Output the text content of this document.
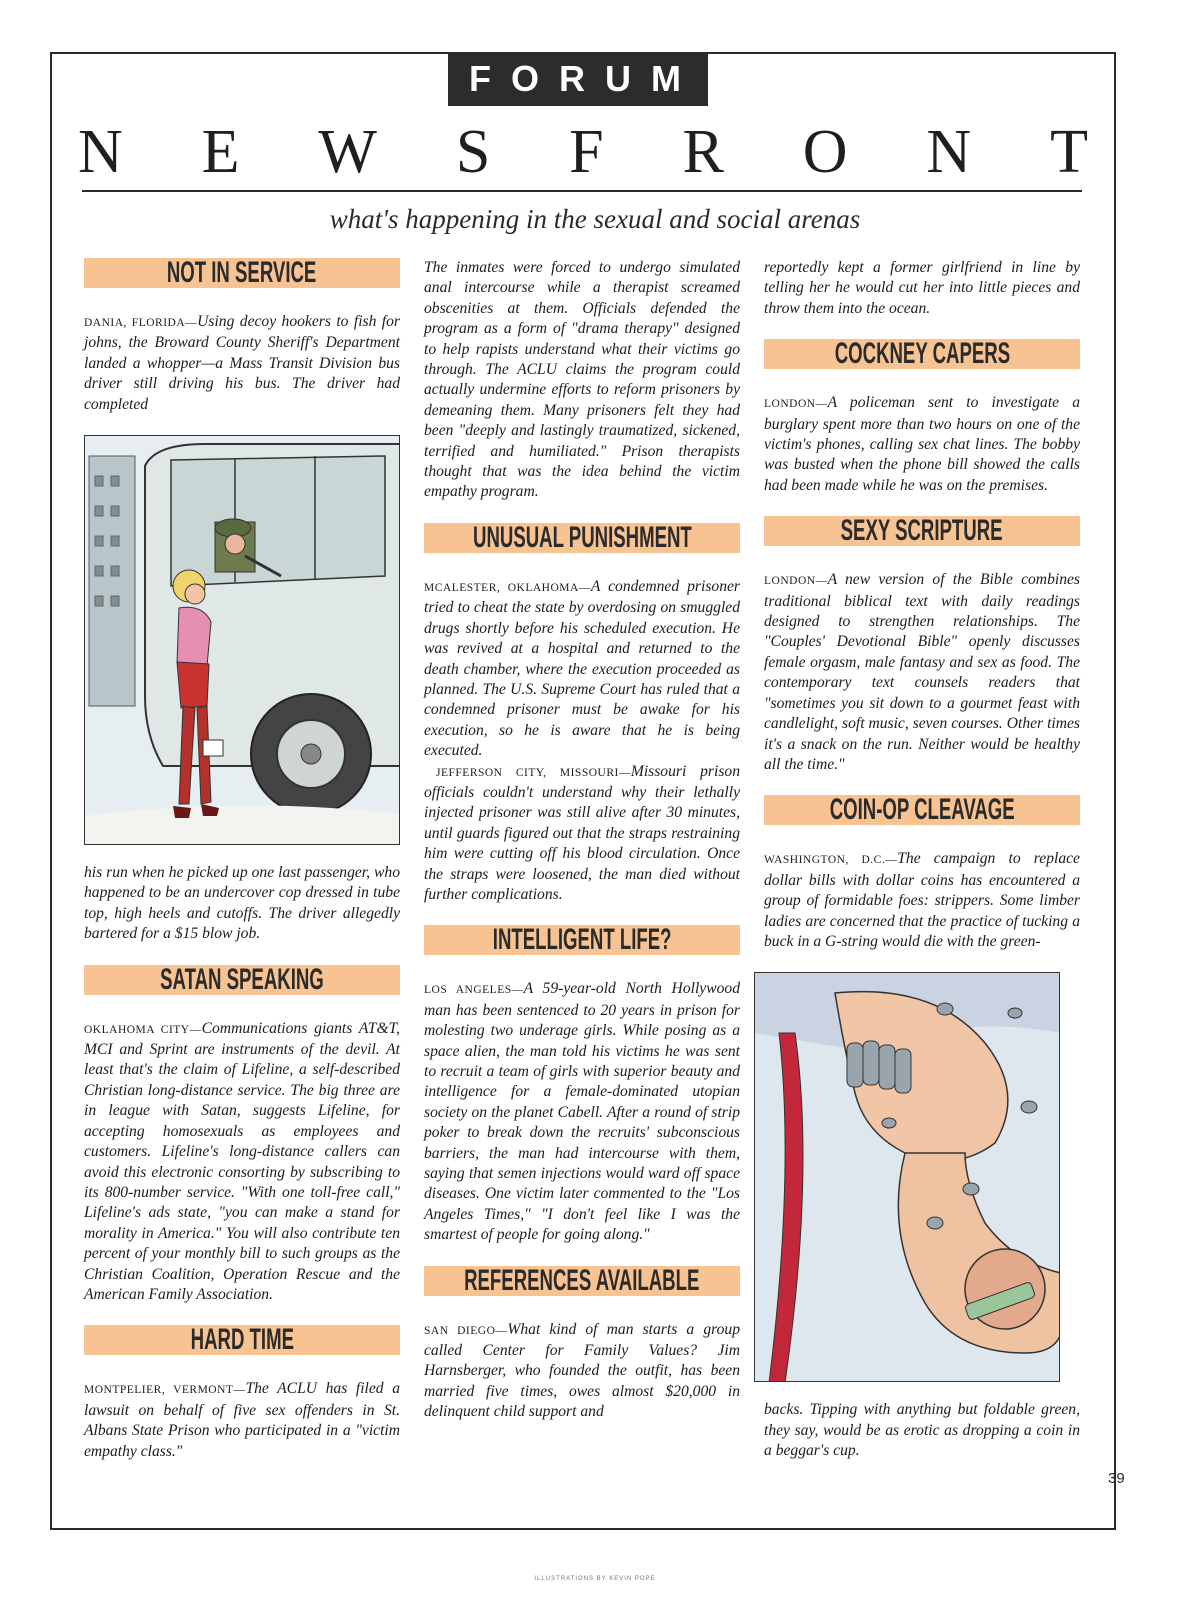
FORUM
N E W S F R O N T
what's happening in the sexual and social arenas
NOT IN SERVICE

DANIA, FLORIDA—Using decoy hookers to fish for johns, the Broward County Sheriff's Department landed a whopper—a Mass Transit Division bus driver still driving his bus. The driver had completed

his run when he picked up one last passenger, who happened to be an undercover cop dressed in tube top, high heels and cutoffs. The driver allegedly bartered for a $15 blow job.

SATAN SPEAKING

OKLAHOMA CITY—Communications giants AT&T, MCI and Sprint are instruments of the devil. At least that's the claim of Lifeline, a self-described Christian long-distance service. The big three are in league with Satan, suggests Lifeline, for accepting homosexuals as employees and customers. Lifeline's long-distance callers can avoid this electronic consorting by subscribing to its 800-number service. "With one toll-free call," Lifeline's ads state, "you can make a stand for morality in America." You will also contribute ten percent of your monthly bill to such groups as the Christian Coalition, Operation Rescue and the American Family Association.

HARD TIME

MONTPELIER, VERMONT—The ACLU has filed a lawsuit on behalf of five sex offenders in St. Albans State Prison who participated in a "victim empathy class."

The inmates were forced to undergo simulated anal intercourse while a therapist screamed obscenities at them. Officials defended the program as a form of "drama therapy" designed to help rapists understand what their victims go through. The ACLU claims the program could actually undermine efforts to reform prisoners by demeaning them. Many prisoners felt they had been "deeply and lastingly traumatized, sickened, terrified and humiliated." Prison therapists thought that was the idea behind the victim empathy program.

UNUSUAL PUNISHMENT

MCALESTER, OKLAHOMA—A condemned prisoner tried to cheat the state by overdosing on smuggled drugs shortly before his scheduled execution. He was revived at a hospital and returned to the death chamber, where the execution proceeded as planned. The U.S. Supreme Court has ruled that a condemned prisoner must be awake for his execution, so he is aware that he is being executed.

JEFFERSON CITY, MISSOURI—Missouri prison officials couldn't understand why their lethally injected prisoner was still alive after 30 minutes, until guards figured out that the straps restraining him were cutting off his blood circulation. Once the straps were loosened, the man died without further complications.

INTELLIGENT LIFE?

LOS ANGELES—A 59-year-old North Hollywood man has been sentenced to 20 years in prison for molesting two underage girls. While posing as a space alien, the man told his victims he was sent to recruit a team of girls with superior beauty and intelligence for a female-dominated utopian society on the planet Cabell. After a round of strip poker to break down the recruits' subconscious barriers, the man had intercourse with them, saying that semen injections would ward off space diseases. One victim later commented to the "Los Angeles Times," "I don't feel like I was the smartest of people for going along."

REFERENCES AVAILABLE

SAN DIEGO—What kind of man starts a group called Center for Family Values? Jim Harnsberger, who founded the outfit, has been married five times, owes almost $20,000 in delinquent child support and

reportedly kept a former girlfriend in line by telling her he would cut her into little pieces and throw them into the ocean.

COCKNEY CAPERS

LONDON—A policeman sent to investigate a burglary spent more than two hours on one of the victim's phones, calling sex chat lines. The bobby was busted when the phone bill showed the calls had been made while he was on the premises.

SEXY SCRIPTURE

LONDON—A new version of the Bible combines traditional biblical text with daily readings designed to strengthen relationships. The "Couples' Devotional Bible" openly discusses female orgasm, male fantasy and sex as food. The contemporary text counsels readers that "sometimes you sit down to a gourmet feast with candlelight, soft music, seven courses. Other times it's a snack on the run. Neither would be healthy all the time."

COIN-OP CLEAVAGE

WASHINGTON, D.C.—The campaign to replace dollar bills with dollar coins has encountered a group of formidable foes: strippers. Some limber ladies are concerned that the practice of tucking a buck in a G-string would die with the green-

backs. Tipping with anything but foldable green, they say, would be as erotic as dropping a coin in a beggar's cup.

39
ILLUSTRATIONS BY KEVIN POPE
